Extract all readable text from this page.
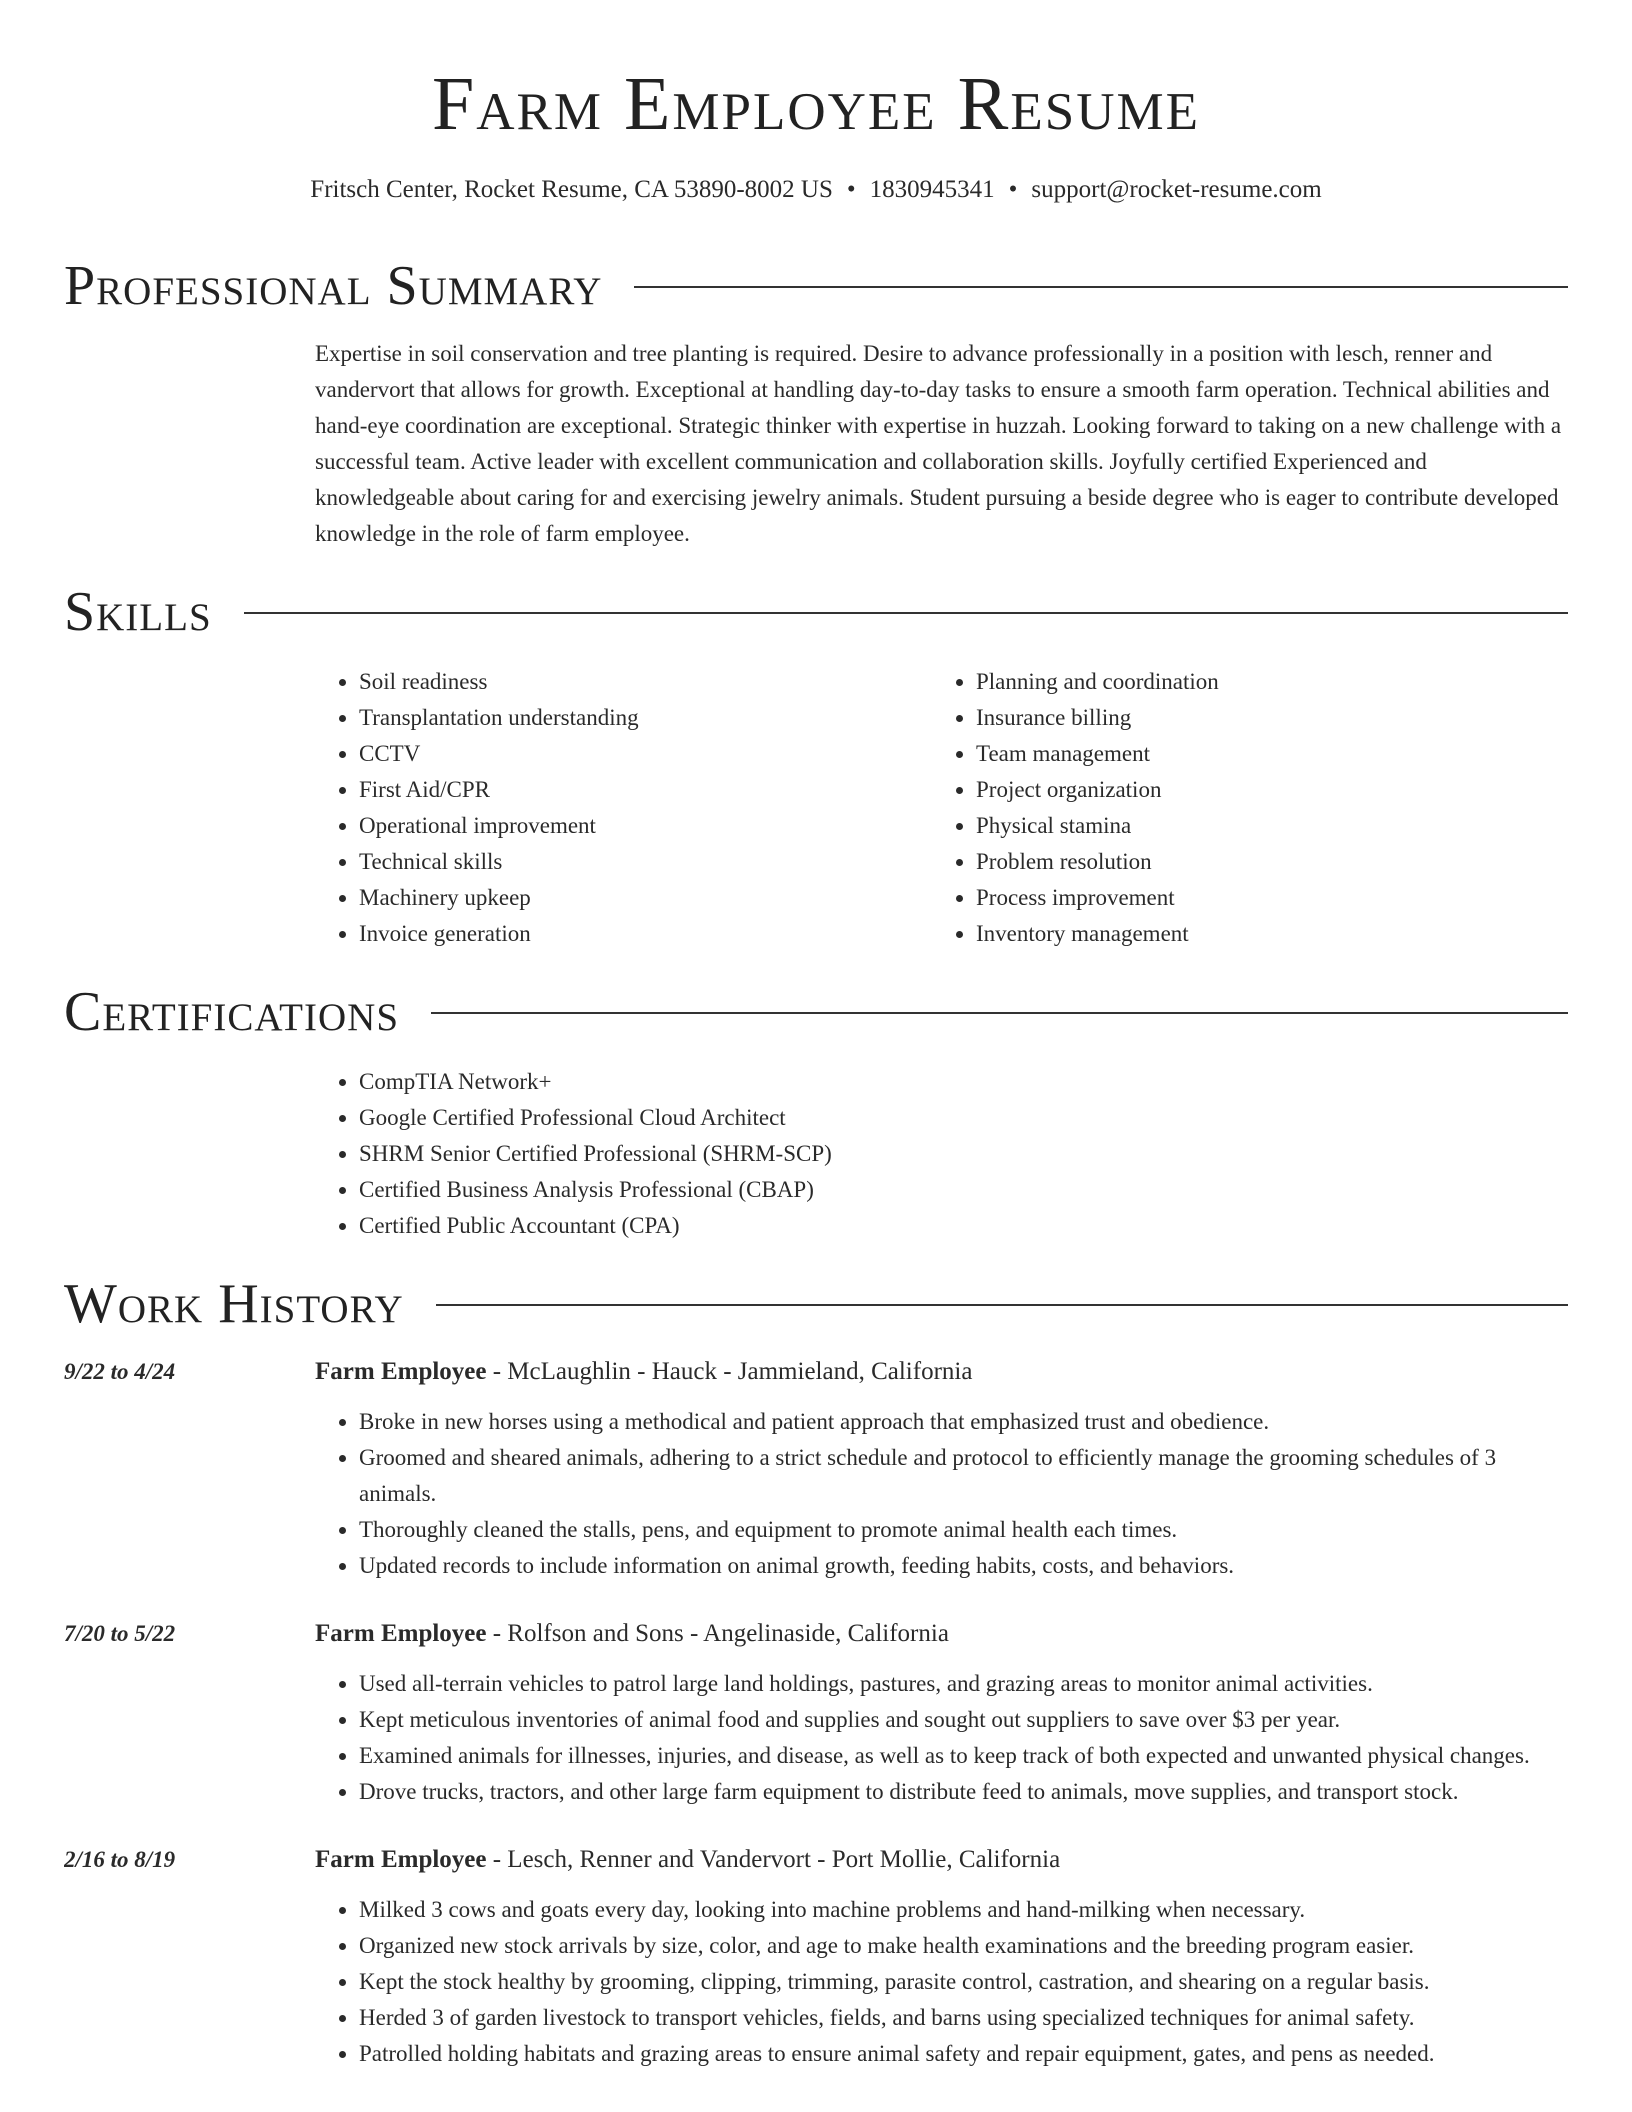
Farm Employee Resume
Fritsch Center, Rocket Resume, CA 53890-8002 US • 1830945341 • support@rocket-resume.com
Professional Summary

Expertise in soil conservation and tree planting is required. Desire to advance professionally in a position with lesch, renner and vandervort that allows for growth. Exceptional at handling day-to-day tasks to ensure a smooth farm operation. Technical abilities and hand-eye coordination are exceptional. Strategic thinker with expertise in huzzah. Looking forward to taking on a new challenge with a successful team. Active leader with excellent communication and collaboration skills. Joyfully certified Experienced and knowledgeable about caring for and exercising jewelry animals. Student pursuing a beside degree who is eager to contribute developed knowledge in the role of farm employee.

Skills
• Soil readiness
• Transplantation understanding
• CCTV
• First Aid/CPR
• Operational improvement
• Technical skills
• Machinery upkeep
• Invoice generation
• Planning and coordination
• Insurance billing
• Team management
• Project organization
• Physical stamina
• Problem resolution
• Process improvement
• Inventory management
Certifications
• CompTIA Network+
• Google Certified Professional Cloud Architect
• SHRM Senior Certified Professional (SHRM-SCP)
• Certified Business Analysis Professional (CBAP)
• Certified Public Accountant (CPA)
Work History
9/22 to 4/24	Farm Employee - McLaughlin - Hauck - Jammieland, California
• Broke in new horses using a methodical and patient approach that emphasized trust and obedience.
• Groomed and sheared animals, adhering to a strict schedule and protocol to efficiently manage the grooming schedules of 3 animals.
• Thoroughly cleaned the stalls, pens, and equipment to promote animal health each times.
• Updated records to include information on animal growth, feeding habits, costs, and behaviors.
7/20 to 5/22	Farm Employee - Rolfson and Sons - Angelinaside, California
• Used all-terrain vehicles to patrol large land holdings, pastures, and grazing areas to monitor animal activities.
• Kept meticulous inventories of animal food and supplies and sought out suppliers to save over $3 per year.
• Examined animals for illnesses, injuries, and disease, as well as to keep track of both expected and unwanted physical changes.
• Drove trucks, tractors, and other large farm equipment to distribute feed to animals, move supplies, and transport stock.
2/16 to 8/19	Farm Employee - Lesch, Renner and Vandervort - Port Mollie, California
• Milked 3 cows and goats every day, looking into machine problems and hand-milking when necessary.
• Organized new stock arrivals by size, color, and age to make health examinations and the breeding program easier.
• Kept the stock healthy by grooming, clipping, trimming, parasite control, castration, and shearing on a regular basis.
• Herded 3 of garden livestock to transport vehicles, fields, and barns using specialized techniques for animal safety.
• Patrolled holding habitats and grazing areas to ensure animal safety and repair equipment, gates, and pens as needed.
